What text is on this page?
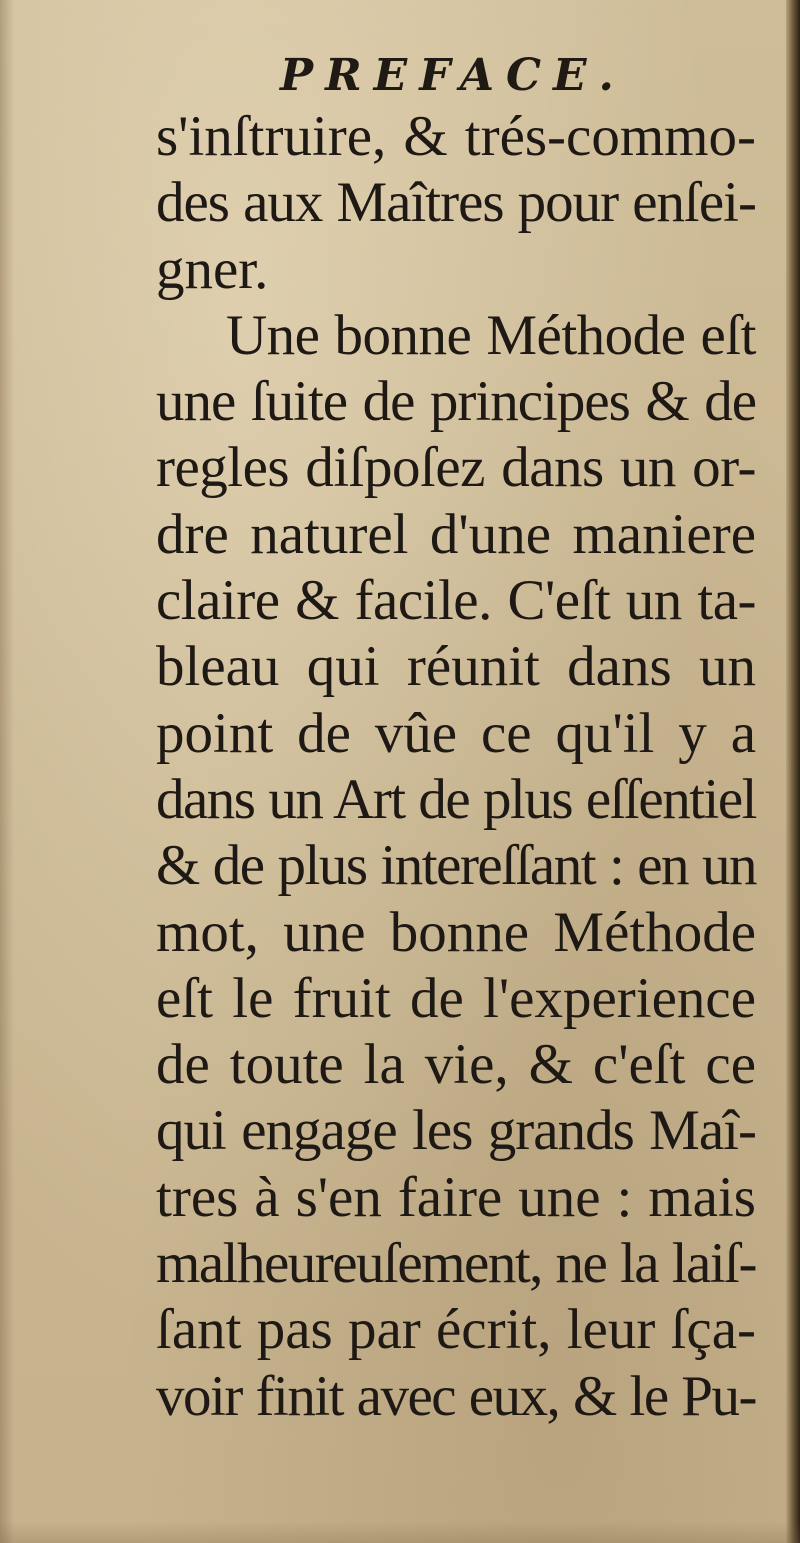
PREFACE.
s'inſtruire, & trés-commo-
des aux Maîtres pour enſei-
gner.
Une bonne Méthode eſt
une ſuite de principes & de
regles diſpoſez dans un or-
dre naturel d'une maniere
claire & facile. C'eſt un ta-
bleau qui réunit dans un
point de vûe ce qu'il y a
dans un Art de plus eſſentiel
& de plus intereſſant : en un
mot, une bonne Méthode
eſt le fruit de l'experience
de toute la vie, & c'eſt ce
qui engage les grands Maî-
tres à s'en faire une : mais
malheureuſement, ne la laiſ-
ſant pas par écrit, leur ſça-
voir finit avec eux, & le Pu-
